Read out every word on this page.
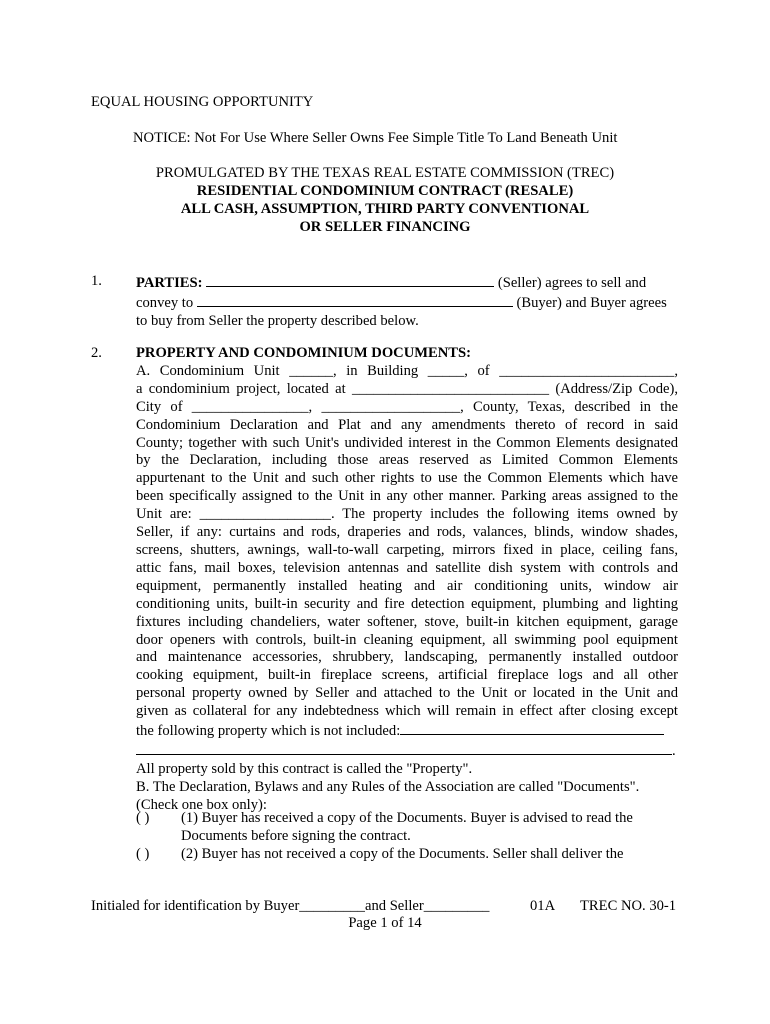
EQUAL HOUSING OPPORTUNITY
NOTICE: Not For Use Where Seller Owns Fee Simple Title To Land Beneath Unit
PROMULGATED BY THE TEXAS REAL ESTATE COMMISSION (TREC)
RESIDENTIAL CONDOMINIUM CONTRACT (RESALE)
ALL CASH, ASSUMPTION, THIRD PARTY CONVENTIONAL
OR SELLER FINANCING
1. PARTIES:	(Seller) agrees to sell and
convey to	(Buyer) and Buyer agrees
to buy from Seller the property described below.
2. PROPERTY AND CONDOMINIUM DOCUMENTS:
A. Condominium Unit ______, in Building _____, of ________________________,
a condominium project, located at ___________________________ (Address/Zip Code),
City of ________________, ___________________, County, Texas, described in the
Condominium Declaration and Plat and any amendments thereto of record in said
County; together with such Unit's undivided interest in the Common Elements designated
by the Declaration, including those areas reserved as Limited Common Elements
appurtenant to the Unit and such other rights to use the Common Elements which have
been specifically assigned to the Unit in any other manner. Parking areas assigned to the
Unit are: __________________. The property includes the following items owned by
Seller, if any: curtains and rods, draperies and rods, valances, blinds, window shades,
screens, shutters, awnings, wall-to-wall carpeting, mirrors fixed in place, ceiling fans,
attic fans, mail boxes, television antennas and satellite dish system with controls and
equipment, permanently installed heating and air conditioning units, window air
conditioning units, built-in security and fire detection equipment, plumbing and lighting
fixtures including chandeliers, water softener, stove, built-in kitchen equipment, garage
door openers with controls, built-in cleaning equipment, all swimming pool equipment
and maintenance accessories, shrubbery, landscaping, permanently installed outdoor
cooking equipment, built-in fireplace screens, artificial fireplace logs and all other
personal property owned by Seller and attached to the Unit or located in the Unit and
given as collateral for any indebtedness which will remain in effect after closing except
the following property which is not included:
.
All property sold by this contract is called the "Property".
B. The Declaration, Bylaws and any Rules of the Association are called "Documents".
(Check one box only):
( ) (1) Buyer has received a copy of the Documents. Buyer is advised to read the
Documents before signing the contract.
( ) (2) Buyer has not received a copy of the Documents. Seller shall deliver the
Initialed for identification by Buyer_________and Seller_________	01A TREC NO. 30-1
Page 1 of 14
